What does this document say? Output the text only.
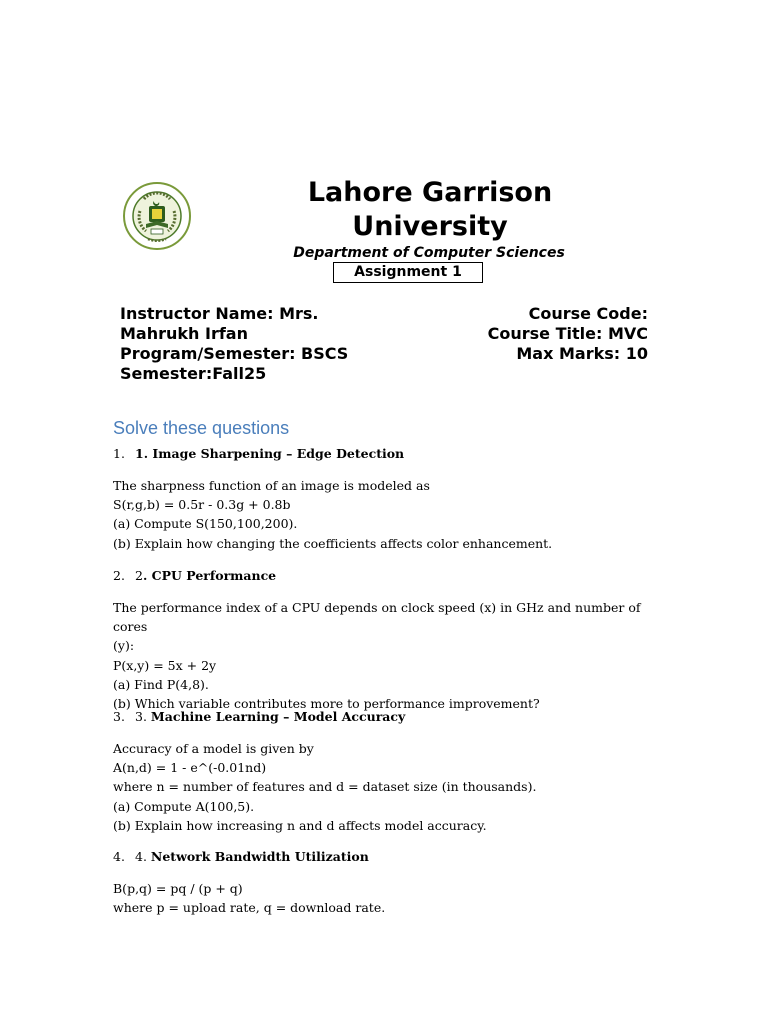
Lahore Garrison
University
Department of Computer Sciences
Assignment 1
Instructor Name: Mrs.
Mahrukh Irfan
Program/Semester: BSCS
Semester:Fall25
Course Code:
Course Title: MVC
Max Marks: 10
Solve these questions
1. 1. Image Sharpening – Edge Detection
The sharpness function of an image is modeled as
S(r,g,b) = 0.5r - 0.3g + 0.8b
(a) Compute S(150,100,200).
(b) Explain how changing the coefficients affects color enhancement.
2. 2. CPU Performance
The performance index of a CPU depends on clock speed (x) in GHz and number of cores
(y):
P(x,y) = 5x + 2y
(a) Find P(4,8).
(b) Which variable contributes more to performance improvement?
3. 3. Machine Learning – Model Accuracy
Accuracy of a model is given by
A(n,d) = 1 - e^(-0.01nd)
where n = number of features and d = dataset size (in thousands).
(a) Compute A(100,5).
(b) Explain how increasing n and d affects model accuracy.
4. 4. Network Bandwidth Utilization
B(p,q) = pq / (p + q)
where p = upload rate, q = download rate.
